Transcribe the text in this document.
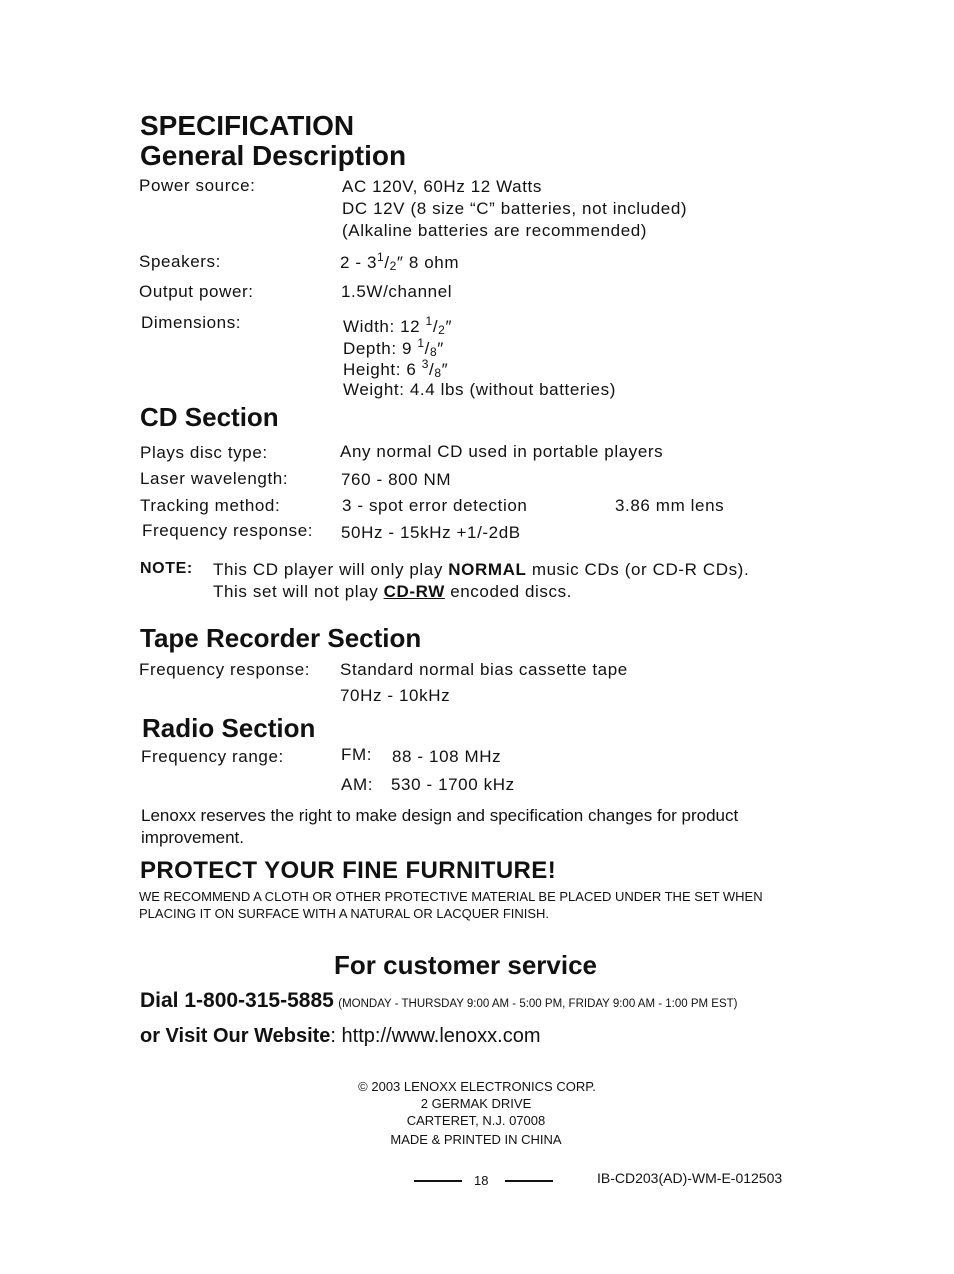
SPECIFICATION
General Description
Power source:	AC 120V, 60Hz 12 Watts
DC 12V (8 size “C” batteries, not included)
(Alkaline batteries are recommended)
Speakers:	$2 - 3^1/_2''$ 8 ohm
Output power:	1.5W/channel
Dimensions:	Width: 12 $^1/_2''$
Depth: 9 $^1/_8''$
Height: 6 $^3/_8''$
Weight: 4.4 lbs (without batteries)
CD Section
Plays disc type:	Any normal CD used in portable players
Laser wavelength:	760 - 800 NM
Tracking method:	3 - spot error detection	3.86 mm lens
Frequency response: 50Hz - 15kHz +1/-2dB
NOTE: This CD player will only play NORMAL music CDs (or CD-R CDs).
This set will not play CD-RW encoded discs.
Tape Recorder Section
Frequency response: Standard normal bias cassette tape
70Hz - 10kHz
Radio Section
Frequency range:	FM: 88 - 108 MHz
AM: 530 - 1700 kHz
Lenoxx reserves the right to make design and specification changes for product
improvement.
PROTECT YOUR FINE FURNITURE!
WE RECOMMEND A CLOTH OR OTHER PROTECTIVE MATERIAL BE PLACED UNDER THE SET WHEN
PLACING IT ON SURFACE WITH A NATURAL OR LACQUER FINISH.
For customer service
Dial 1-800-315-5885 (MONDAY - THURSDAY 9:00 AM - 5:00 PM, FRIDAY 9:00 AM - 1:00 PM EST)
or Visit Our Website: http://www.lenoxx.com
© 2003 LENOXX ELECTRONICS CORP.
2 GERMAK DRIVE
CARTERET, N.J. 07008
MADE & PRINTED IN CHINA
18	IB-CD203(AD)-WM-E-012503
